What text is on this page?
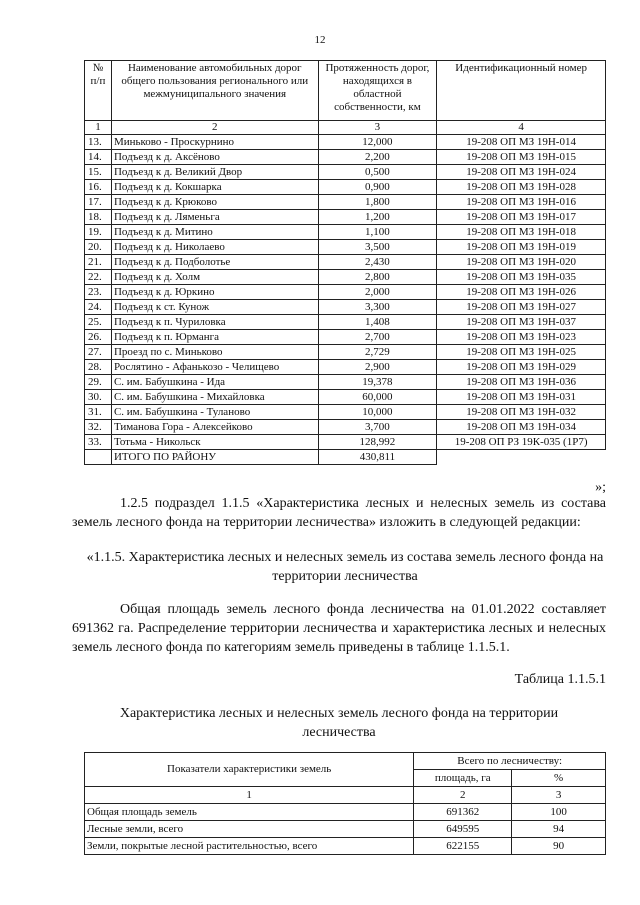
12
№ п/п	Наименование автомобильных дорог общего пользования регионального или межмуниципального значения	Протяженность дорог, находящихся в областной собственности, км	Идентификационный номер
1	2	3	4
13.	Миньково - Проскурнино	12,000	19-208 ОП МЗ 19Н-014
14.	Подъезд к д. Аксёново	2,200	19-208 ОП МЗ 19Н-015
15.	Подъезд к д. Великий Двор	0,500	19-208 ОП МЗ 19Н-024
16.	Подъезд к д. Кокшарка	0,900	19-208 ОП МЗ 19Н-028
17.	Подъезд к д. Крюково	1,800	19-208 ОП МЗ 19Н-016
18.	Подъезд к д. Ляменьга	1,200	19-208 ОП МЗ 19Н-017
19.	Подъезд к д. Митино	1,100	19-208 ОП МЗ 19Н-018
20.	Подъезд к д. Николаево	3,500	19-208 ОП МЗ 19Н-019
21.	Подъезд к д. Подболотье	2,430	19-208 ОП МЗ 19Н-020
22.	Подъезд к д. Холм	2,800	19-208 ОП МЗ 19Н-035
23.	Подъезд к д. Юркино	2,000	19-208 ОП МЗ 19Н-026
24.	Подъезд к ст. Кунож	3,300	19-208 ОП МЗ 19Н-027
25.	Подъезд к п. Чуриловка	1,408	19-208 ОП МЗ 19Н-037
26.	Подъезд к п. Юрманга	2,700	19-208 ОП МЗ 19Н-023
27.	Проезд по с. Миньково	2,729	19-208 ОП МЗ 19Н-025
28.	Рослятино - Афанькозо - Челищево	2,900	19-208 ОП МЗ 19Н-029
29.	С. им. Бабушкина - Ида	19,378	19-208 ОП МЗ 19Н-036
30.	С. им. Бабушкина - Михайловка	60,000	19-208 ОП МЗ 19Н-031
31.	С. им. Бабушкина - Туланово	10,000	19-208 ОП МЗ 19Н-032
32.	Тиманова Гора - Алексейково	3,700	19-208 ОП МЗ 19Н-034
33.	Тотьма - Никольск	128,992	19-208 ОП РЗ 19К-035 (1Р7)
	ИТОГО ПО РАЙОНУ	430,811	
»;
1.2.5 подраздел 1.1.5 «Характеристика лесных и нелесных земель из состава земель лесного фонда на территории лесничества» изложить в следующей редакции:
«1.1.5. Характеристика лесных и нелесных земель из состава земель лесного фонда на территории лесничества
Общая площадь земель лесного фонда лесничества на 01.01.2022 составляет 691362 га. Распределение территории лесничества и характеристика лесных и нелесных земель лесного фонда по категориям земель приведены в таблице 1.1.5.1.
Таблица 1.1.5.1
Характеристика лесных и нелесных земель лесного фонда на территории лесничества
Показатели характеристики земель	Всего по лесничеству:	
	площадь, га	%
1	2	3
Общая площадь земель	691362	100
Лесные земли, всего	649595	94
Земли, покрытые лесной растительностью, всего	622155	90
